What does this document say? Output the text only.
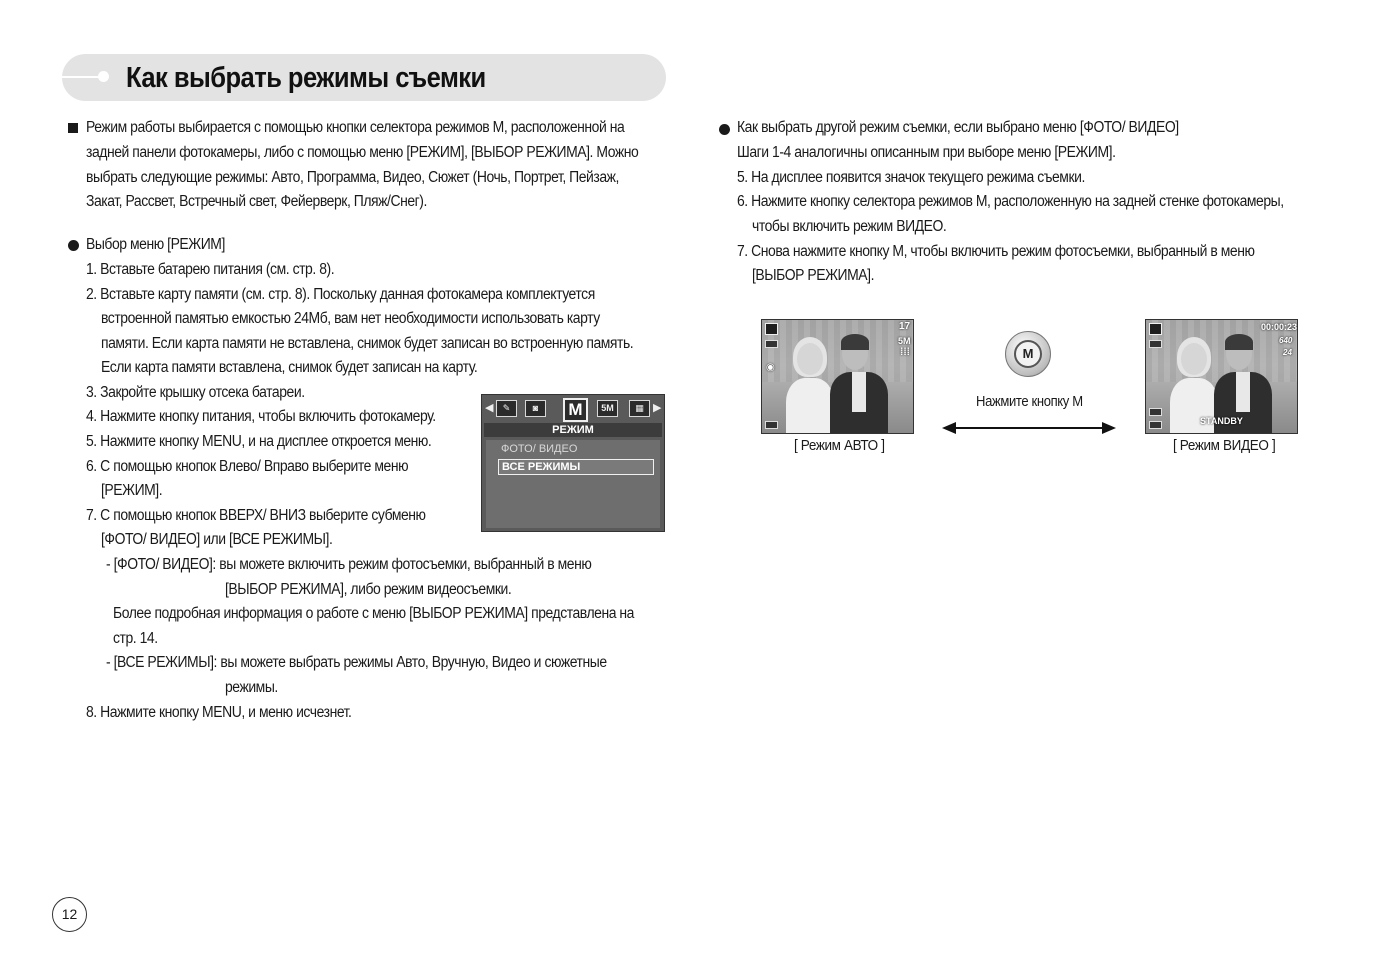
Как выбрать режимы съемки
Режим работы выбирается с помощью кнопки селектора режимов M, расположенной на
задней панели фотокамеры, либо с помощью меню [РЕЖИМ], [ВЫБОР РЕЖИМА]. Можно
выбрать следующие режимы: Авто, Программа, Видео, Сюжет (Ночь, Портрет, Пейзаж,
Закат, Рассвет, Встречный свет, Фейерверк, Пляж/Снег).
Выбор меню [РЕЖИМ]
1. Вставьте батарею питания (см. стр. 8).
2. Вставьте карту памяти (см. стр. 8). Поскольку данная фотокамера комплектуется
встроенной памятью емкостью 24Мб, вам нет необходимости использовать карту
памяти. Если карта памяти не вставлена, снимок будет записан во встроенную память.
Если карта памяти вставлена, снимок будет записан на карту.
3. Закройте крышку отсека батареи.
4. Нажмите кнопку питания, чтобы включить фотокамеру.
5. Нажмите кнопку MENU, и на дисплее откроется меню.
6. С помощью кнопок Влево/ Вправо выберите меню
[РЕЖИМ].
7. С помощью кнопок ВВЕРХ/ ВНИЗ выберите субменю
[ФОТО/ ВИДЕО] или [ВСЕ РЕЖИМЫ].
- [ФОТО/ ВИДЕО]: вы можете включить режим фотосъемки, выбранный в меню
[ВЫБОР РЕЖИМА], либо режим видеосъемки.
Более подробная информация о работе с меню [ВЫБОР РЕЖИМА] представлена на
стр. 14.
- [ВСЕ РЕЖИМЫ]: вы можете выбрать режимы Авто, Вручную, Видео и сюжетные
режимы.
8. Нажмите кнопку MENU, и меню исчезнет.
◀	✎	◙	5M	▦ ▶
M
РЕЖИМ
ФОТО/ ВИДЕО
ВСЕ РЕЖИМЫ
Как выбрать другой режим съемки, если выбрано меню [ФОТО/ ВИДЕО]
Шаги 1-4 аналогичны описанным при выборе меню [РЕЖИМ].
5. На дисплее появится значок текущего режима съемки.
6. Нажмите кнопку селектора режимов M, расположенную на задней стенке фотокамеры,
чтобы включить режим ВИДЕО.
7. Снова нажмите кнопку M, чтобы включить режим фотосъемки, выбранный в меню
[ВЫБОР РЕЖИМА].
◉
17
5M
⁞⁞⁞
[ Режим АВТО ]
M
Нажмите кнопку M
00:00:23
640
24
STANDBY
[ Режим ВИДЕО ]
12
